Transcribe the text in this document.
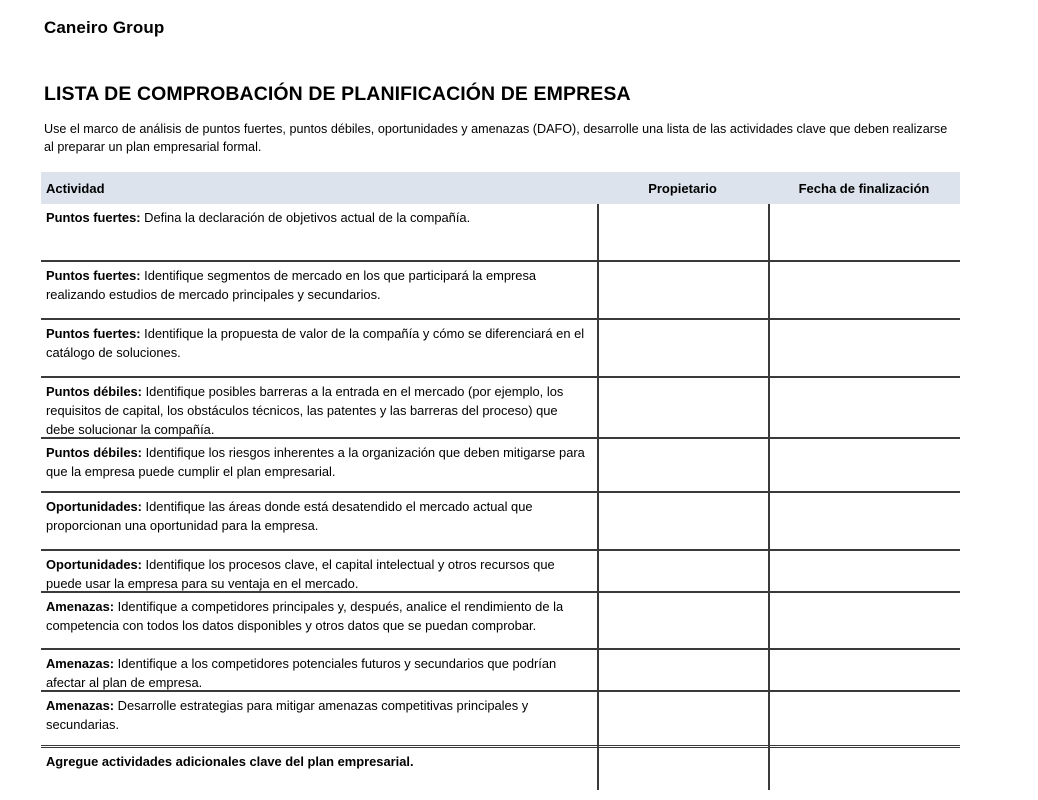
Caneiro Group
LISTA DE COMPROBACIÓN DE PLANIFICACIÓN DE EMPRESA
Use el marco de análisis de puntos fuertes, puntos débiles, oportunidades y amenazas (DAFO), desarrolle una lista de las actividades clave que deben realizarse al preparar un plan empresarial formal.
Actividad	Propietario	Fecha de finalización
Puntos fuertes: Defina la declaración de objetivos actual de la compañía.
Puntos fuertes: Identifique segmentos de mercado en los que participará la empresa realizando estudios de mercado principales y secundarios.
Puntos fuertes: Identifique la propuesta de valor de la compañía y cómo se diferenciará en el catálogo de soluciones.
Puntos débiles: Identifique posibles barreras a la entrada en el mercado (por ejemplo, los requisitos de capital, los obstáculos técnicos, las patentes y las barreras del proceso) que debe solucionar la compañía.
Puntos débiles: Identifique los riesgos inherentes a la organización que deben mitigarse para que la empresa puede cumplir el plan empresarial.
Oportunidades: Identifique las áreas donde está desatendido el mercado actual que proporcionan una oportunidad para la empresa.
Oportunidades: Identifique los procesos clave, el capital intelectual y otros recursos que puede usar la empresa para su ventaja en el mercado.
Amenazas: Identifique a competidores principales y, después, analice el rendimiento de la competencia con todos los datos disponibles y otros datos que se puedan comprobar.
Amenazas: Identifique a los competidores potenciales futuros y secundarios que podrían afectar al plan de empresa.
Amenazas: Desarrolle estrategias para mitigar amenazas competitivas principales y secundarias.
Agregue actividades adicionales clave del plan empresarial.
